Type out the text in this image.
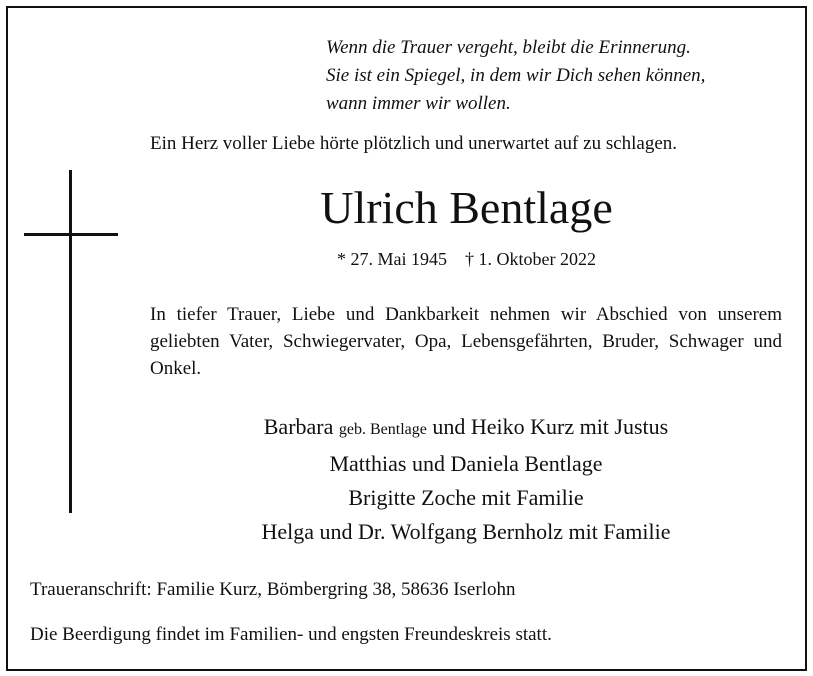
Wenn die Trauer vergeht, bleibt die Erinnerung.
Sie ist ein Spiegel, in dem wir Dich sehen können,
wann immer wir wollen.
Ein Herz voller Liebe hörte plötzlich und unerwartet auf zu schlagen.
Ulrich Bentlage
* 27. Mai 1945 † 1. Oktober 2022
In tiefer Trauer, Liebe und Dankbarkeit nehmen wir Abschied von unserem geliebten Vater, Schwiegervater, Opa, Lebensgefährten, Bruder, Schwager und Onkel.
Barbara geb. Bentlage und Heiko Kurz mit Justus
Matthias und Daniela Bentlage
Brigitte Zoche mit Familie
Helga und Dr. Wolfgang Bernholz mit Familie
Traueranschrift: Familie Kurz, Bömbergring 38, 58636 Iserlohn
Die Beerdigung findet im Familien- und engsten Freundeskreis statt.
